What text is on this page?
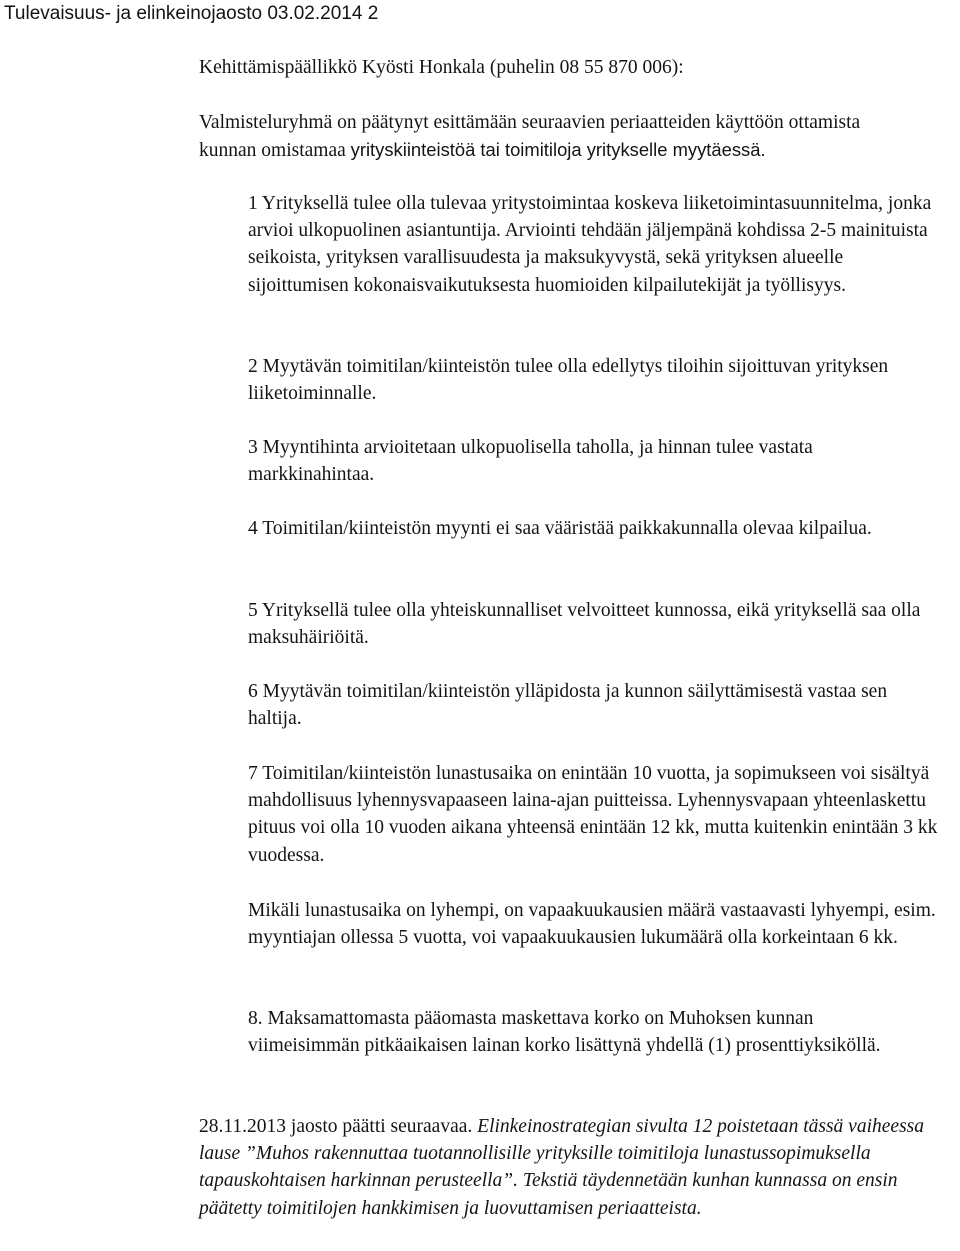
Tulevaisuus- ja elinkeinojaosto 03.02.2014 2

Kehittämispäällikkö Kyösti Honkala (puhelin 08 55 870 006):

Valmisteluryhmä on päätynyt esittämään seuraavien periaatteiden käyttöön ottamista kunnan omistamaa yrityskiinteistöä tai toimitiloja yritykselle myytäessä.

1 Yrityksellä tulee olla tulevaa yritystoimintaa koskeva liiketoimintasuunnitelma, jonka arvioi ulkopuolinen asiantuntija. Arviointi tehdään jäljempänä kohdissa 2-5 mainituista seikoista, yrityksen varallisuudesta ja maksukyvystä, sekä yrityksen alueelle sijoittumisen kokonaisvaikutuksesta huomioiden kilpailutekijät ja työllisyys.

2 Myytävän toimitilan/kiinteistön tulee olla edellytys tiloihin sijoittuvan yrityksen liiketoiminnalle.

3 Myyntihinta arvioitetaan ulkopuolisella taholla, ja hinnan tulee vastata markkinahintaa.

4 Toimitilan/kiinteistön myynti ei saa vääristää paikkakunnalla olevaa kilpailua.

5 Yrityksellä tulee olla yhteiskunnalliset velvoitteet kunnossa, eikä yrityksellä saa olla maksuhäiriöitä.

6 Myytävän toimitilan/kiinteistön ylläpidosta ja kunnon säilyttämisestä vastaa sen haltija.

7 Toimitilan/kiinteistön lunastusaika on enintään 10 vuotta, ja sopimukseen voi sisältyä mahdollisuus lyhennysvapaaseen laina-ajan puitteissa. Lyhennysvapaan yhteenlaskettu pituus voi olla 10 vuoden aikana yhteensä enintään 12 kk, mutta kuitenkin enintään 3 kk vuodessa.

Mikäli lunastusaika on lyhempi, on vapaakuukausien määrä vastaavasti lyhyempi, esim. myyntiajan ollessa 5 vuotta, voi vapaakuukausien lukumäärä olla korkeintaan 6 kk.

8. Maksamattomasta pääomasta maskettava korko on Muhoksen kunnan viimeisimmän pitkäaikaisen lainan korko lisättynä yhdellä (1) prosenttiyksiköllä.

28.11.2013 jaosto päätti seuraavaa. Elinkeinostrategian sivulta 12 poistetaan tässä vaiheessa lause ”Muhos rakennuttaa tuotannollisille yrityksille toimitiloja lunastussopimuksella tapauskohtaisen harkinnan perusteella”. Tekstiä täydennetään kunhan kunnassa on ensin päätetty toimitilojen hankkimisen ja luovuttamisen periaatteista.
